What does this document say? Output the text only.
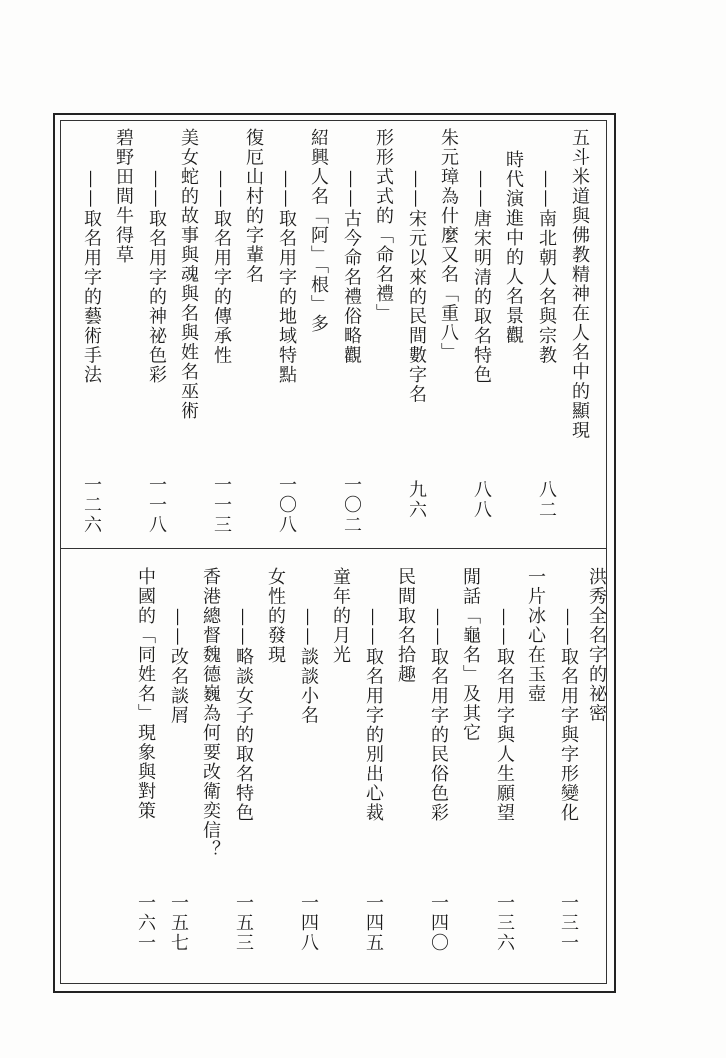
五斗米道與佛教精神在人名中的顯現
——南北朝人名與宗教
八二
時代演進中的人名景觀
——唐宋明清的取名特色
八八
朱元璋為什麼又名「重八」
——宋元以來的民間數字名
九六
形形式式的「命名禮」
——古今命名禮俗略觀
一〇二
紹興人名「阿」「根」多
——取名用字的地域特點
一〇八
復厄山村的字輩名
——取名用字的傳承性
一一三
美女蛇的故事與魂與名與姓名巫術
——取名用字的神祕色彩
一一八
碧野田間牛得草
——取名用字的藝術手法
一二六
洪秀全名字的祕密
——取名用字與字形變化
一三一
一片冰心在玉壺
——取名用字與人生願望
一三六
閒話「龜名」及其它
——取名用字的民俗色彩
一四〇
民間取名拾趣
——取名用字的別出心裁
一四五
童年的月光
——談談小名
一四八
女性的發現
——略談女子的取名特色
一五三
香港總督魏德巍為何要改衛奕信？
——改名談屑
一五七
中國的「同姓名」現象與對策
一六一
